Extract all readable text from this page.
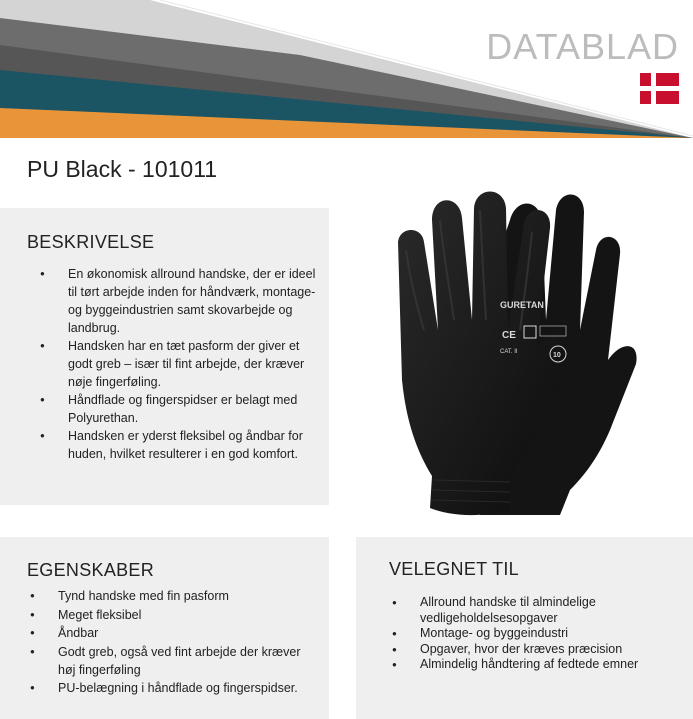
DATABLAD
PU Black - 101011
GURETAN
CE
CAT. II	10
BESKRIVELSE
● En økonomisk allround handske, der er ideel til tørt arbejde inden for håndværk, montage- og byggeindustrien samt skovarbejde og landbrug.
● Handsken har en tæt pasform der giver et godt greb – især til fint arbejde, der kræver nøje fingerføling.
● Håndflade og fingerspidser er belagt med Polyurethan.
● Handsken er yderst fleksibel og åndbar for huden, hvilket resulterer i en god komfort.
EGENSKABER
● Tynd handske med fin pasform
● Meget fleksibel
● Åndbar
● Godt greb, også ved fint arbejde der kræver høj fingerføling
● PU-belægning i håndflade og fingerspidser.
VELEGNET TIL
● Allround handske til almindelige vedligeholdelsesopgaver
● Montage- og byggeindustri
● Opgaver, hvor der kræves præcision
● Almindelig håndtering af fedtede emner
